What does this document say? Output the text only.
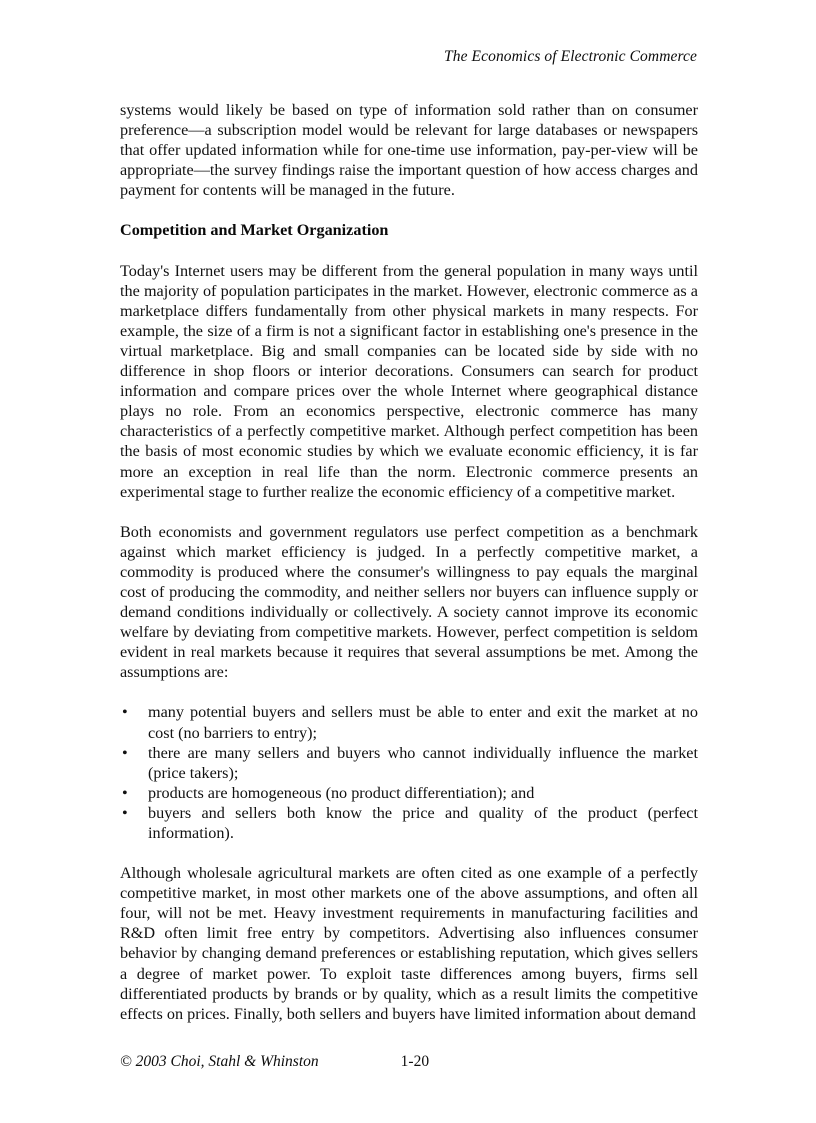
The Economics of Electronic Commerce

systems would likely be based on type of information sold rather than on consumer preference—a subscription model would be relevant for large databases or newspapers that offer updated information while for one-time use information, pay-per-view will be appropriate—the survey findings raise the important question of how access charges and payment for contents will be managed in the future.

Competition and Market Organization

Today's Internet users may be different from the general population in many ways until the majority of population participates in the market. However, electronic commerce as a marketplace differs fundamentally from other physical markets in many respects. For example, the size of a firm is not a significant factor in establishing one's presence in the virtual marketplace. Big and small companies can be located side by side with no difference in shop floors or interior decorations. Consumers can search for product information and compare prices over the whole Internet where geographical distance plays no role. From an economics perspective, electronic commerce has many characteristics of a perfectly competitive market. Although perfect competition has been the basis of most economic studies by which we evaluate economic efficiency, it is far more an exception in real life than the norm. Electronic commerce presents an experimental stage to further realize the economic efficiency of a competitive market.

Both economists and government regulators use perfect competition as a benchmark against which market efficiency is judged. In a perfectly competitive market, a commodity is produced where the consumer's willingness to pay equals the marginal cost of producing the commodity, and neither sellers nor buyers can influence supply or demand conditions individually or collectively. A society cannot improve its economic welfare by deviating from competitive markets. However, perfect competition is seldom evident in real markets because it requires that several assumptions be met. Among the assumptions are:

•	many potential buyers and sellers must be able to enter and exit the market at no cost (no barriers to entry);
•	there are many sellers and buyers who cannot individually influence the market (price takers);
•	products are homogeneous (no product differentiation); and
•	buyers and sellers both know the price and quality of the product (perfect information).

Although wholesale agricultural markets are often cited as one example of a perfectly competitive market, in most other markets one of the above assumptions, and often all four, will not be met. Heavy investment requirements in manufacturing facilities and R&D often limit free entry by competitors. Advertising also influences consumer behavior by changing demand preferences or establishing reputation, which gives sellers a degree of market power. To exploit taste differences among buyers, firms sell differentiated products by brands or by quality, which as a result limits the competitive effects on prices. Finally, both sellers and buyers have limited information about demand

© 2003 Choi, Stahl & Whinston	1-20
